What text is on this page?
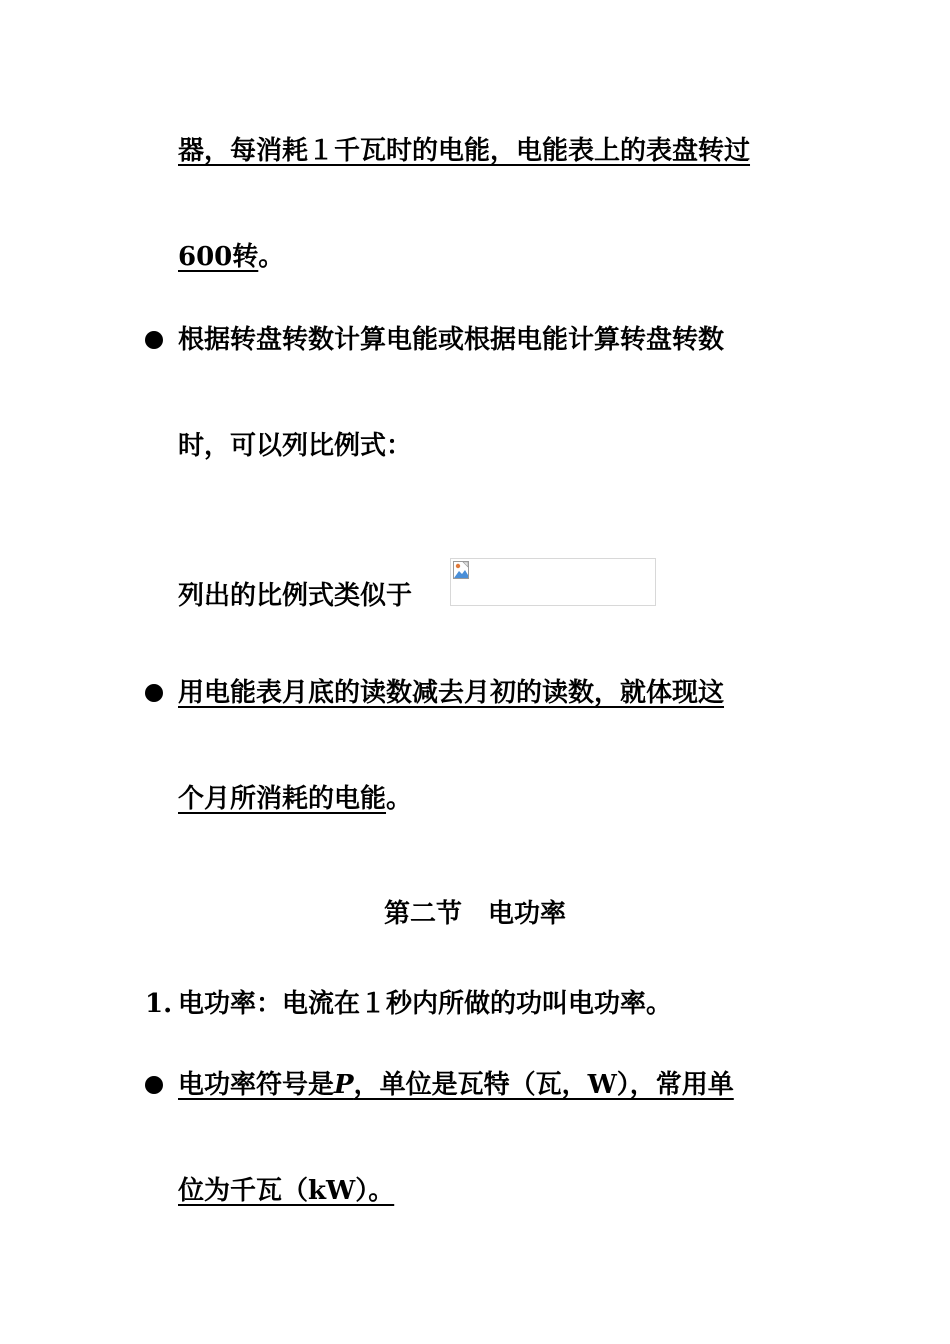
器，每消耗１千瓦时的电能，电能表上的表盘转过
600转。
根据转盘转数计算电能或根据电能计算转盘转数
时，可以列比例式：
列出的比例式类似于
用电能表月底的读数减去月初的读数，就体现这
个月所消耗的电能。
第二节　电功率
1. 电功率：电流在１秒内所做的功叫电功率。
电功率符号是P，单位是瓦特（瓦，W），常用单
位为千瓦（kW）。
